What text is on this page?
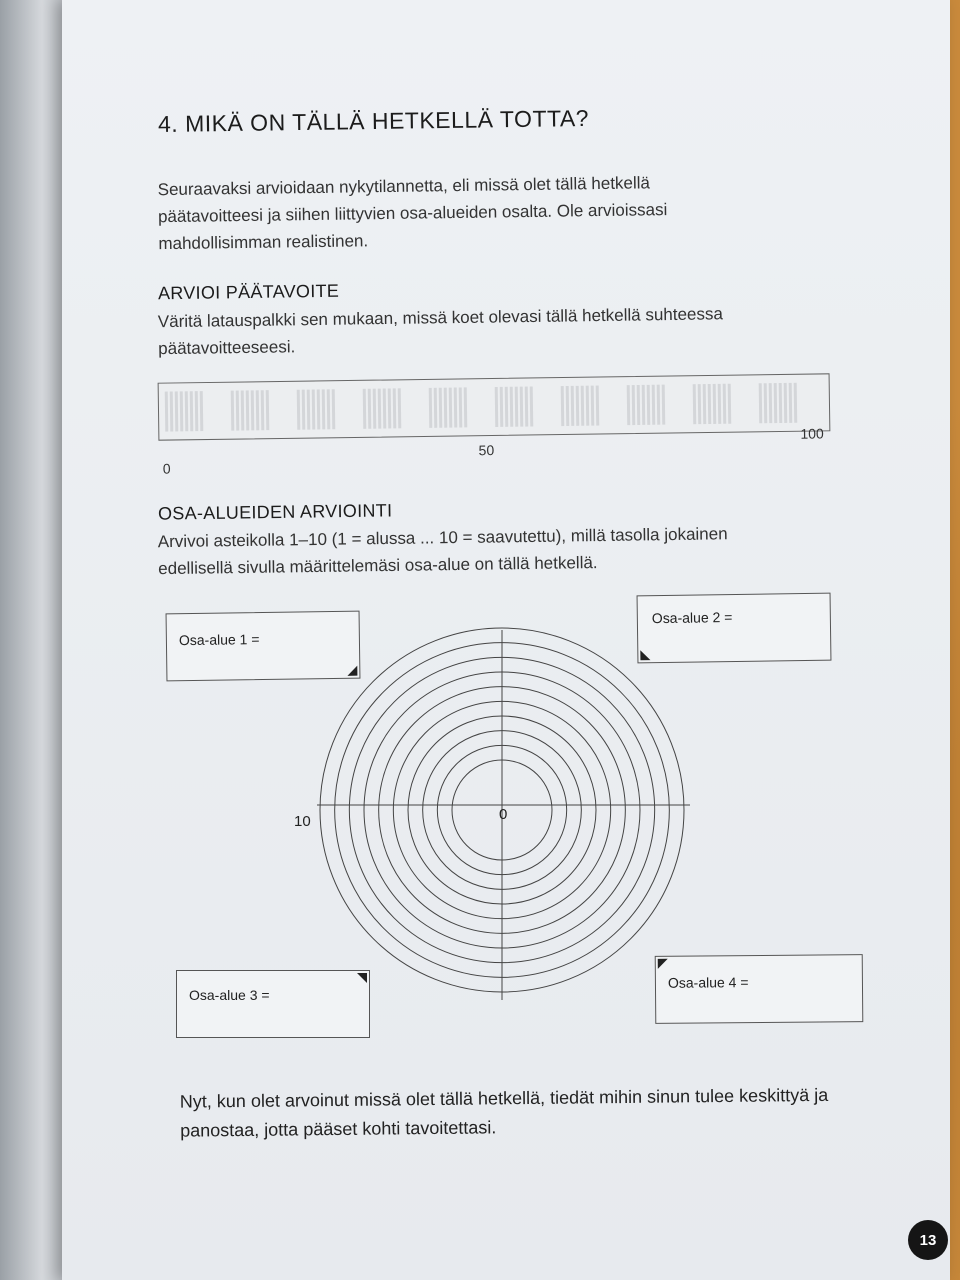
4. MIKÄ ON TÄLLÄ HETKELLÄ TOTTA?

Seuraavaksi arvioidaan nykytilannetta, eli missä olet tällä hetkellä päätavoitteesi ja siihen liittyvien osa-alueiden osalta. Ole arvioissasi mahdollisimman realistinen.

ARVIOI PÄÄTAVOITE

Väritä latauspalkki sen mukaan, missä koet olevasi tällä hetkellä suhteessa päätavoitteeseesi.

0
50
100
OSA-ALUEIDEN ARVIOINTI

Arvivoi asteikolla 1–10 (1 = alussa ... 10 = saavutettu), millä tasolla jokainen edellisellä sivulla määrittelemäsi osa-alue on tällä hetkellä.

Osa-alue 1 =
Osa-alue 2 =
10	0
Osa-alue 3 =
Osa-alue 4 =

Nyt, kun olet arvoinut missä olet tällä hetkellä, tiedät mihin sinun tulee keskittyä ja panostaa, jotta pääset kohti tavoitettasi.

13
